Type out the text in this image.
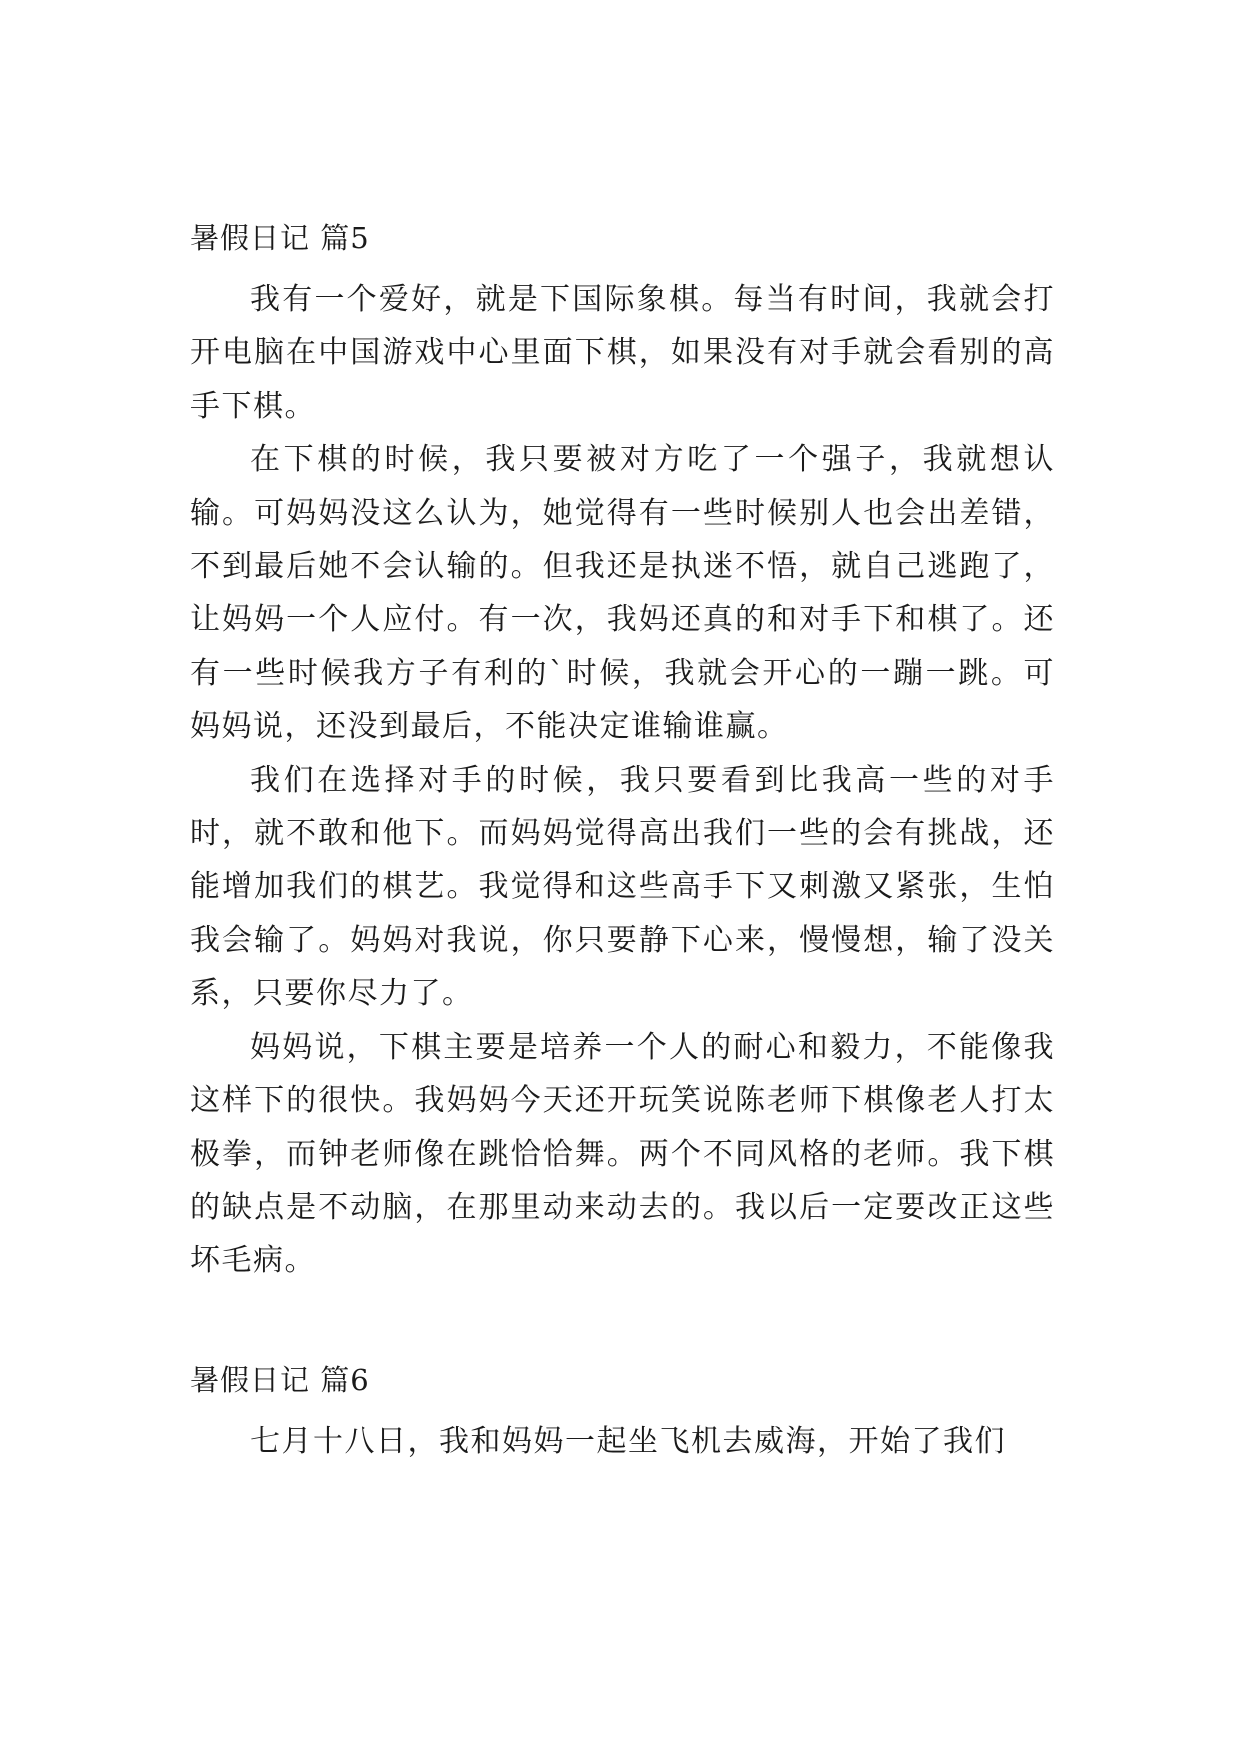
暑假日记 篇5

我有一个爱好，就是下国际象棋。每当有时间，我就会打开电脑在中国游戏中心里面下棋，如果没有对手就会看别的高手下棋。

在下棋的时候，我只要被对方吃了一个强子，我就想认输。可妈妈没这么认为，她觉得有一些时候别人也会出差错，不到最后她不会认输的。但我还是执迷不悟，就自己逃跑了，让妈妈一个人应付。有一次，我妈还真的和对手下和棋了。还有一些时候我方子有利的`时候，我就会开心的一蹦一跳。可妈妈说，还没到最后，不能决定谁输谁赢。

我们在选择对手的时候，我只要看到比我高一些的对手时，就不敢和他下。而妈妈觉得高出我们一些的会有挑战，还能增加我们的棋艺。我觉得和这些高手下又刺激又紧张，生怕我会输了。妈妈对我说，你只要静下心来，慢慢想，输了没关系，只要你尽力了。

妈妈说，下棋主要是培养一个人的耐心和毅力，不能像我这样下的很快。我妈妈今天还开玩笑说陈老师下棋像老人打太极拳，而钟老师像在跳恰恰舞。两个不同风格的老师。我下棋的缺点是不动脑，在那里动来动去的。我以后一定要改正这些坏毛病。

暑假日记 篇6

七月十八日，我和妈妈一起坐飞机去威海，开始了我们
